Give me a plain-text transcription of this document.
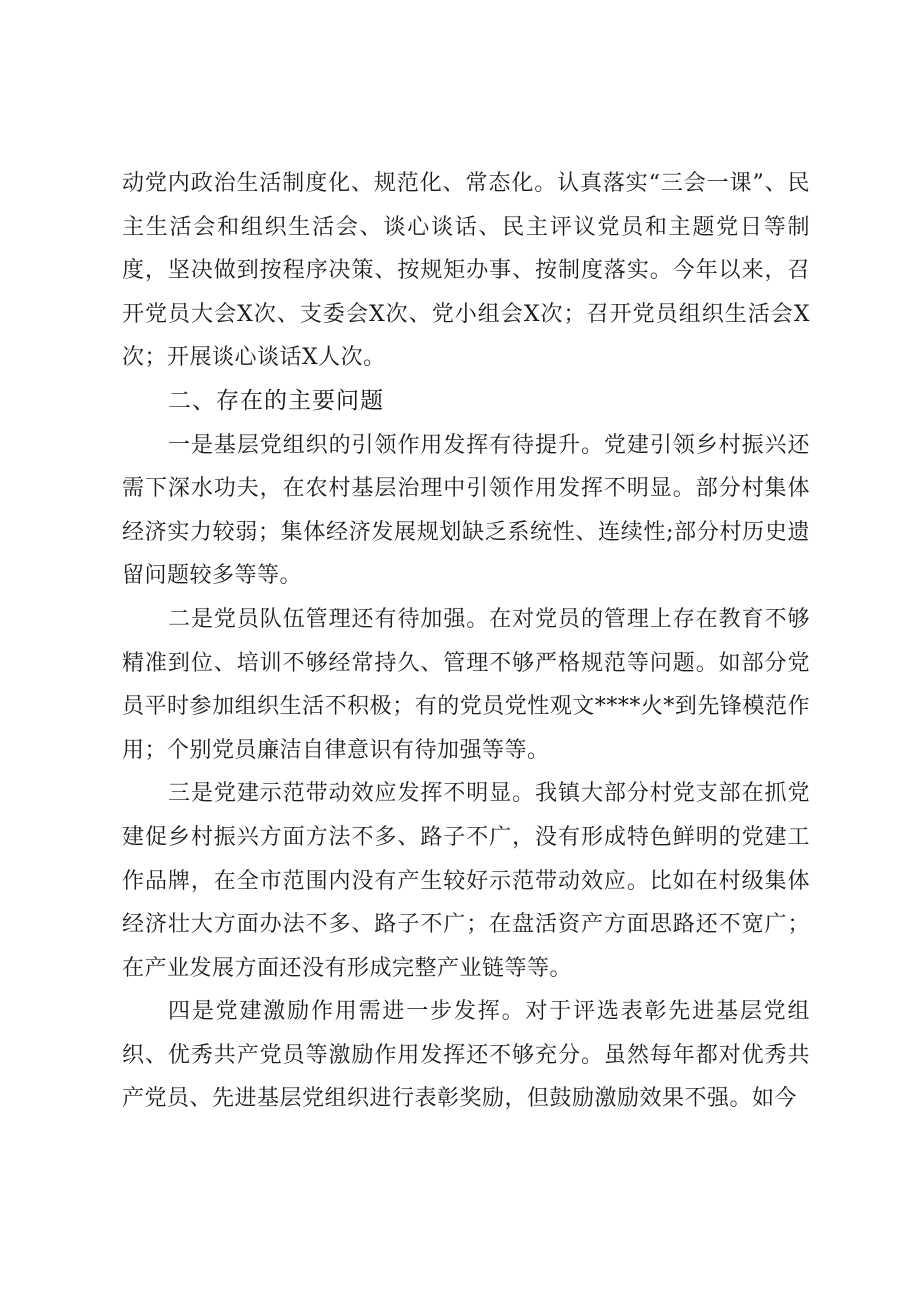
动党内政治生活制度化、规范化、常态化。认真落实“三会一课”、民主生活会和组织生活会、谈心谈话、民主评议党员和主题党日等制度，坚决做到按程序决策、按规矩办事、按制度落实。今年以来，召开党员大会X次、支委会X次、党小组会X次；召开党员组织生活会X次；开展谈心谈话X人次。

二、存在的主要问题

一是基层党组织的引领作用发挥有待提升。党建引领乡村振兴还需下深水功夫，在农村基层治理中引领作用发挥不明显。部分村集体经济实力较弱；集体经济发展规划缺乏系统性、连续性;部分村历史遗留问题较多等等。

二是党员队伍管理还有待加强。在对党员的管理上存在教育不够精准到位、培训不够经常持久、管理不够严格规范等问题。如部分党员平时参加组织生活不积极；有的党员党性观文****火*到先锋模范作用；个别党员廉洁自律意识有待加强等等。

三是党建示范带动效应发挥不明显。我镇大部分村党支部在抓党建促乡村振兴方面方法不多、路子不广，没有形成特色鲜明的党建工作品牌，在全市范围内没有产生较好示范带动效应。比如在村级集体经济壮大方面办法不多、路子不广；在盘活资产方面思路还不宽广；在产业发展方面还没有形成完整产业链等等。

四是党建激励作用需进一步发挥。对于评选表彰先进基层党组织、优秀共产党员等激励作用发挥还不够充分。虽然每年都对优秀共产党员、先进基层党组织进行表彰奖励，但鼓励激励效果不强。如今
